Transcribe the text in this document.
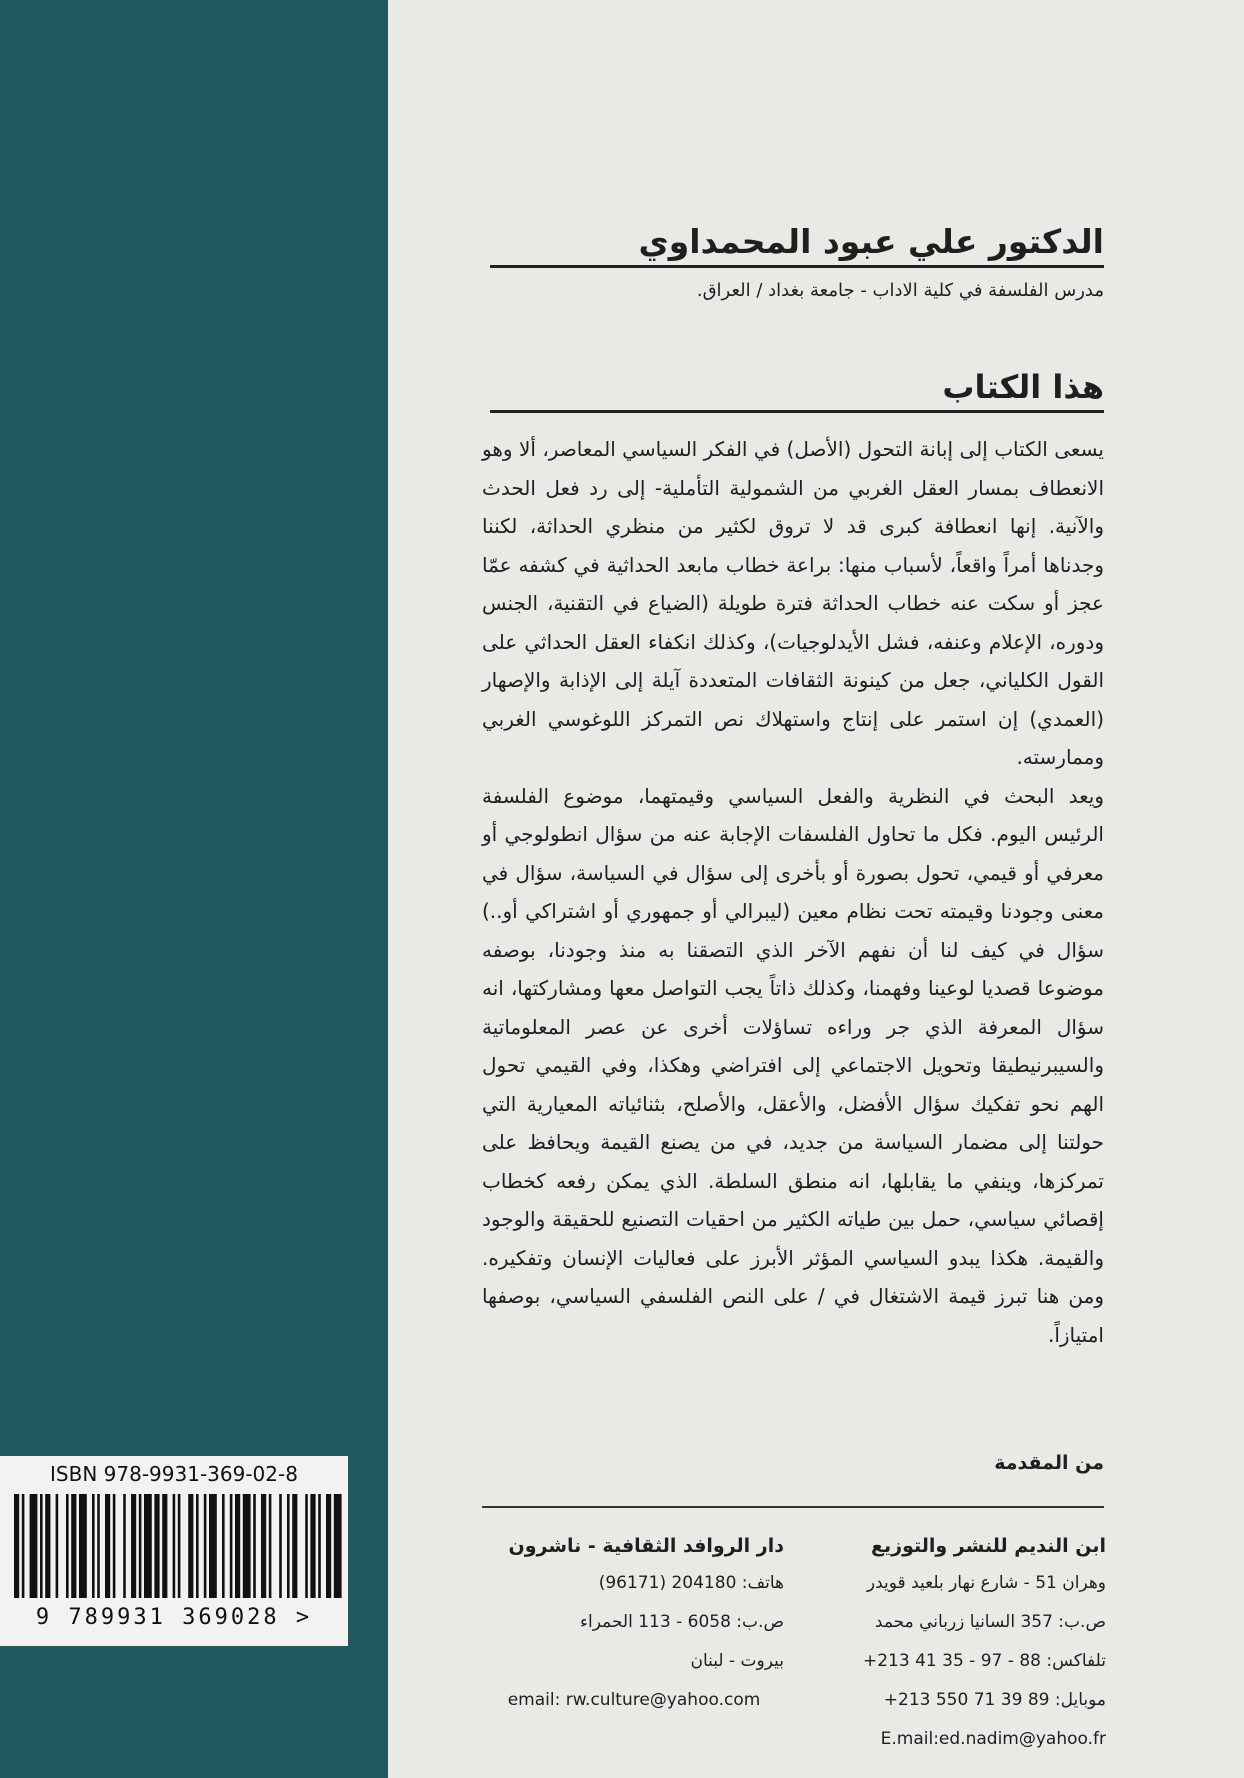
الدكتور علي عبود المحمداوي
مدرس الفلسفة في كلية الاداب - جامعة بغداد / العراق.
هذا الكتاب

يسعى الكتاب إلى إبانة التحول (الأصل) في الفكر السياسي المعاصر، ألا وهو الانعطاف بمسار العقل الغربي من الشمولية التأملية- إلى رد فعل الحدث والآنية. إنها انعطافة كبرى قد لا تروق لكثير من منظري الحداثة، لكننا وجدناها أمراً واقعاً، لأسباب منها: براعة خطاب مابعد الحداثية في كشفه عمّا عجز أو سكت عنه خطاب الحداثة فترة طويلة (الضياع في التقنية، الجنس ودوره، الإعلام وعنفه، فشل الأيدلوجيات)، وكذلك انكفاء العقل الحداثي على القول الكلياني، جعل من كينونة الثقافات المتعددة آيلة إلى الإذابة والإصهار (العمدي) إن استمر على إنتاج واستهلاك نص التمركز اللوغوسي الغربي وممارسته.

ويعد البحث في النظرية والفعل السياسي وقيمتهما، موضوع الفلسفة الرئيس اليوم. فكل ما تحاول الفلسفات الإجابة عنه من سؤال انطولوجي أو معرفي أو قيمي، تحول بصورة أو بأخرى إلى سؤال في السياسة، سؤال في معنى وجودنا وقيمته تحت نظام معين (ليبرالي أو جمهوري أو اشتراكي أو..) سؤال في كيف لنا أن نفهم الآخر الذي التصقنا به منذ وجودنا، بوصفه موضوعا قصديا لوعينا وفهمنا، وكذلك ذاتاً يجب التواصل معها ومشاركتها، انه سؤال المعرفة الذي جر وراءه تساؤلات أخرى عن عصر المعلوماتية والسيبرنيطيقا وتحويل الاجتماعي إلى افتراضي وهكذا، وفي القيمي تحول الهم نحو تفكيك سؤال الأفضل، والأعقل، والأصلح، بثنائياته المعيارية التي حولتنا إلى مضمار السياسة من جديد، في من يصنع القيمة ويحافظ على تمركزها، وينفي ما يقابلها، انه منطق السلطة. الذي يمكن رفعه كخطاب إقصائي سياسي، حمل بين طياته الكثير من احقيات التصنيع للحقيقة والوجود والقيمة. هكذا يبدو السياسي المؤثر الأبرز على فعاليات الإنسان وتفكيره. ومن هنا تبرز قيمة الاشتغال في / على النص الفلسفي السياسي، بوصفها امتيازاً.

من المقدمة
ابن النديم للنشر والتوزيع
وهران 51 - شارع نهار بلعيد قويدر
ص.ب: 357 السانيا زرباني محمد
تلفاكس: 88 - 97 - 35 41 213+
موبايل: 89 39 71 550 213+
E.mail:ed.nadim@yahoo.fr
دار الروافد الثقافية - ناشرون
هاتف: 204180 (96171)
ص.ب: 6058 - 113 الحمراء
بيروت - لبنان
email: rw.culture@yahoo.com
ISBN 978-9931-369-02-8
9 789931 369028 >
